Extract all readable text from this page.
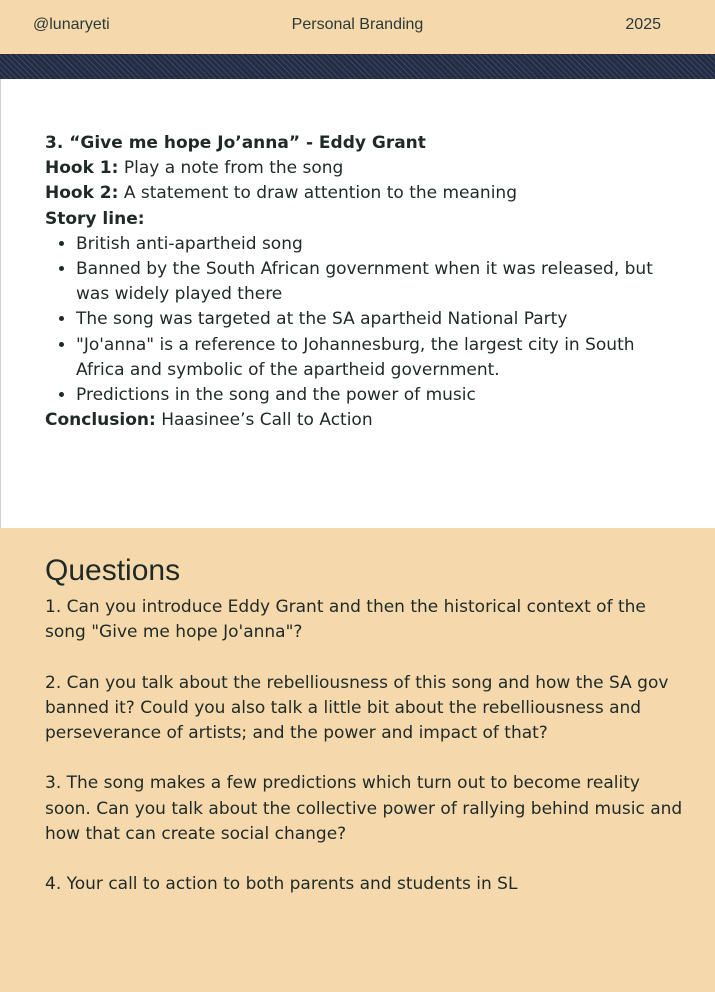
@lunaryeti	Personal Branding	2025

3. “Give me hope Jo’anna” - Eddy Grant

Hook 1: Play a note from the song

Hook 2: A statement to draw attention to the meaning

Story line:

• British anti-apartheid song
• Banned by the South African government when it was released, but was widely played there
• The song was targeted at the SA apartheid National Party
• "Jo'anna" is a reference to Johannesburg, the largest city in South Africa and symbolic of the apartheid government.
• Predictions in the song and the power of music

Conclusion: Haasinee’s Call to Action

Questions

1. Can you introduce Eddy Grant and then the historical context of the song "Give me hope Jo'anna"?

2. Can you talk about the rebelliousness of this song and how the SA gov banned it? Could you also talk a little bit about the rebelliousness and perseverance of artists; and the power and impact of that?

3. The song makes a few predictions which turn out to become reality soon. Can you talk about the collective power of rallying behind music and how that can create social change?

4. Your call to action to both parents and students in SL
